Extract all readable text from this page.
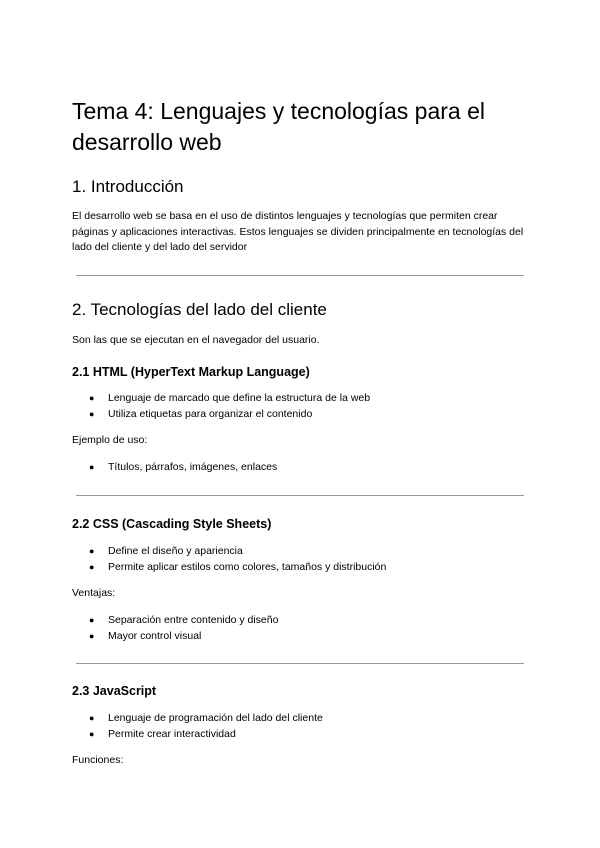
Tema 4: Lenguajes y tecnologías para el desarrollo web
1. Introducción

El desarrollo web se basa en el uso de distintos lenguajes y tecnologías que permiten crear páginas y aplicaciones interactivas. Estos lenguajes se dividen principalmente en tecnologías del lado del cliente y del lado del servidor

2. Tecnologías del lado del cliente

Son las que se ejecutan en el navegador del usuario.

2.1 HTML (HyperText Markup Language)
● Lenguaje de marcado que define la estructura de la web
● Utiliza etiquetas para organizar el contenido

Ejemplo de uso:

● Títulos, párrafos, imágenes, enlaces
2.2 CSS (Cascading Style Sheets)
● Define el diseño y apariencia
● Permite aplicar estilos como colores, tamaños y distribución

Ventajas:

● Separación entre contenido y diseño
● Mayor control visual
2.3 JavaScript
● Lenguaje de programación del lado del cliente
● Permite crear interactividad

Funciones:
